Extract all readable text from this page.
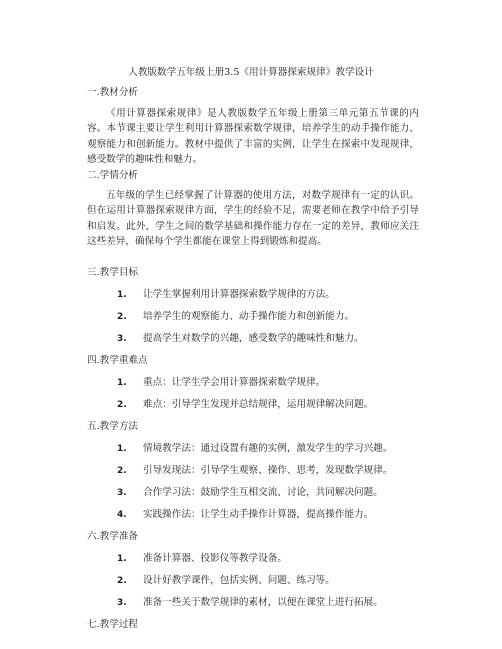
人教版数学五年级上册3.5《用计算器探索规律》教学设计
一.教材分析
《用计算器探索规律》是人教版数学五年级上册第三单元第五节课的内容。本节课主要让学生利用计算器探索数学规律，培养学生的动手操作能力、观察能力和创新能力。教材中提供了丰富的实例，让学生在探索中发现规律，感受数学的趣味性和魅力。
二.学情分析
五年级的学生已经掌握了计算器的使用方法，对数学规律有一定的认识。但在运用计算器探索规律方面，学生的经验不足，需要老师在教学中给予引导和启发。此外，学生之间的数学基础和操作能力存在一定的差异，教师应关注这些差异，确保每个学生都能在课堂上得到锻炼和提高。
三.教学目标
1. 让学生掌握利用计算器探索数学规律的方法。
2. 培养学生的观察能力、动手操作能力和创新能力。
3. 提高学生对数学的兴趣，感受数学的趣味性和魅力。
四.教学重难点
1. 重点：让学生学会用计算器探索数学规律。
2. 难点：引导学生发现并总结规律，运用规律解决问题。
五.教学方法
1. 情境教学法：通过设置有趣的实例，激发学生的学习兴趣。
2. 引导发现法：引导学生观察、操作、思考，发现数学规律。
3. 合作学习法：鼓励学生互相交流、讨论，共同解决问题。
4. 实践操作法：让学生动手操作计算器，提高操作能力。
六.教学准备
1. 准备计算器、投影仪等教学设备。
2. 设计好教学课件，包括实例、问题、练习等。
3. 准备一些关于数学规律的素材，以便在课堂上进行拓展。
七.教学过程
